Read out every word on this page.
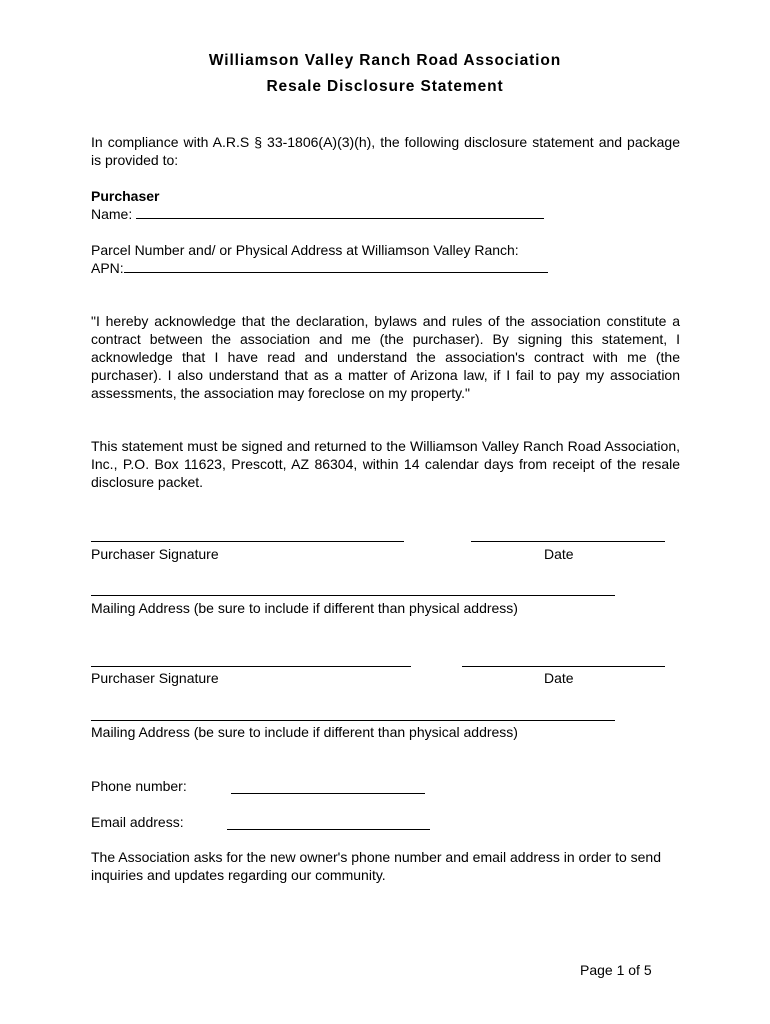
Williamson Valley Ranch Road Association
Resale Disclosure Statement
In compliance with A.R.S § 33-1806(A)(3)(h), the following disclosure statement and package is provided to:
Purchaser
Name:
Parcel Number and/ or Physical Address at Williamson Valley Ranch:
APN:
"I hereby acknowledge that the declaration, bylaws and rules of the association constitute a contract between the association and me (the purchaser). By signing this statement, I acknowledge that I have read and understand the association's contract with me (the purchaser). I also understand that as a matter of Arizona law, if I fail to pay my association assessments, the association may foreclose on my property."
This statement must be signed and returned to the Williamson Valley Ranch Road Association, Inc., P.O. Box 11623, Prescott, AZ 86304, within 14 calendar days from receipt of the resale disclosure packet.
Purchaser Signature	Date
Mailing Address (be sure to include if different than physical address)
Purchaser Signature	Date
Mailing Address (be sure to include if different than physical address)
Phone number:
Email address:
The Association asks for the new owner's phone number and email address in order to send inquiries and updates regarding our community.
Page 1 of 5
